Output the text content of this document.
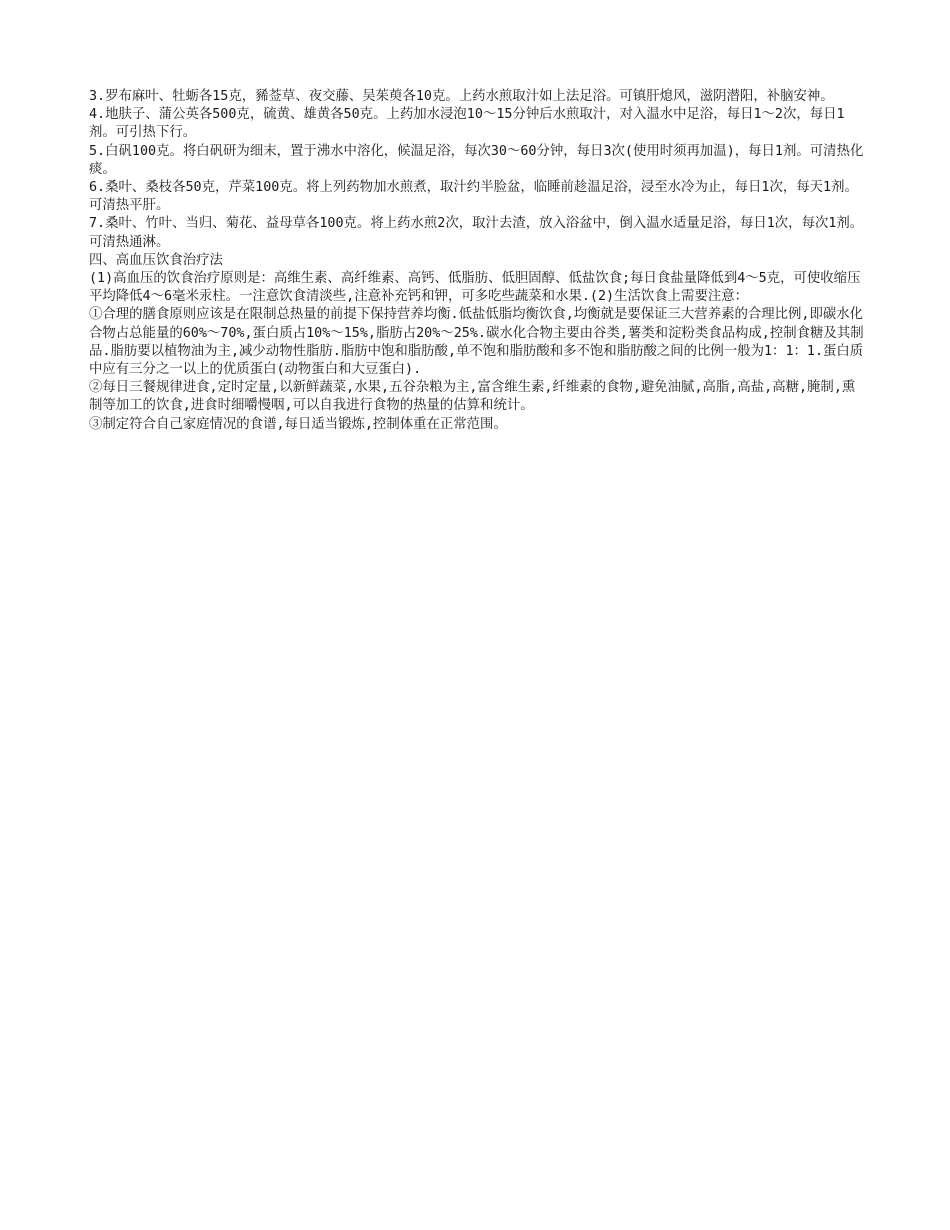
3.罗布麻叶、牡蛎各15克，豨莶草、夜交藤、吴茱萸各10克。上药水煎取汁如上法足浴。可镇肝熄风，滋阴潜阳，补脑安神。

4.地肤子、蒲公英各500克，硫黄、雄黄各50克。上药加水浸泡10～15分钟后水煎取汁，对入温水中足浴，每日1～2次，每日1剂。可引热下行。

5.白矾100克。将白矾研为细末，置于沸水中溶化，候温足浴，每次30～60分钟，每日3次(使用时须再加温)，每日1剂。可清热化痰。

6.桑叶、桑枝各50克，芹菜100克。将上列药物加水煎煮，取汁约半脸盆，临睡前趁温足浴，浸至水冷为止，每日1次，每天1剂。可清热平肝。

7.桑叶、竹叶、当归、菊花、益母草各100克。将上药水煎2次，取汁去渣，放入浴盆中，倒入温水适量足浴，每日1次，每次1剂。可清热通淋。

四、高血压饮食治疗法

(1)高血压的饮食治疗原则是：高维生素、高纤维素、高钙、低脂肪、低胆固醇、低盐饮食;每日食盐量降低到4～5克，可使收缩压平均降低4～6毫米汞柱。一注意饮食清淡些,注意补充钙和钾，可多吃些蔬菜和水果.(2)生活饮食上需要注意：

①合理的膳食原则应该是在限制总热量的前提下保持营养均衡.低盐低脂均衡饮食,均衡就是要保证三大营养素的合理比例,即碳水化合物占总能量的60%～70%,蛋白质占10%～15%,脂肪占20%～25%.碳水化合物主要由谷类,薯类和淀粉类食品构成,控制食糖及其制品.脂肪要以植物油为主,减少动物性脂肪.脂肪中饱和脂肪酸,单不饱和脂肪酸和多不饱和脂肪酸之间的比例一般为1：1：1.蛋白质中应有三分之一以上的优质蛋白(动物蛋白和大豆蛋白).

②每日三餐规律进食,定时定量,以新鲜蔬菜,水果,五谷杂粮为主,富含维生素,纤维素的食物,避免油腻,高脂,高盐,高糖,腌制,熏制等加工的饮食,进食时细嚼慢咽,可以自我进行食物的热量的估算和统计。

③制定符合自己家庭情况的食谱,每日适当锻炼,控制体重在正常范围。
